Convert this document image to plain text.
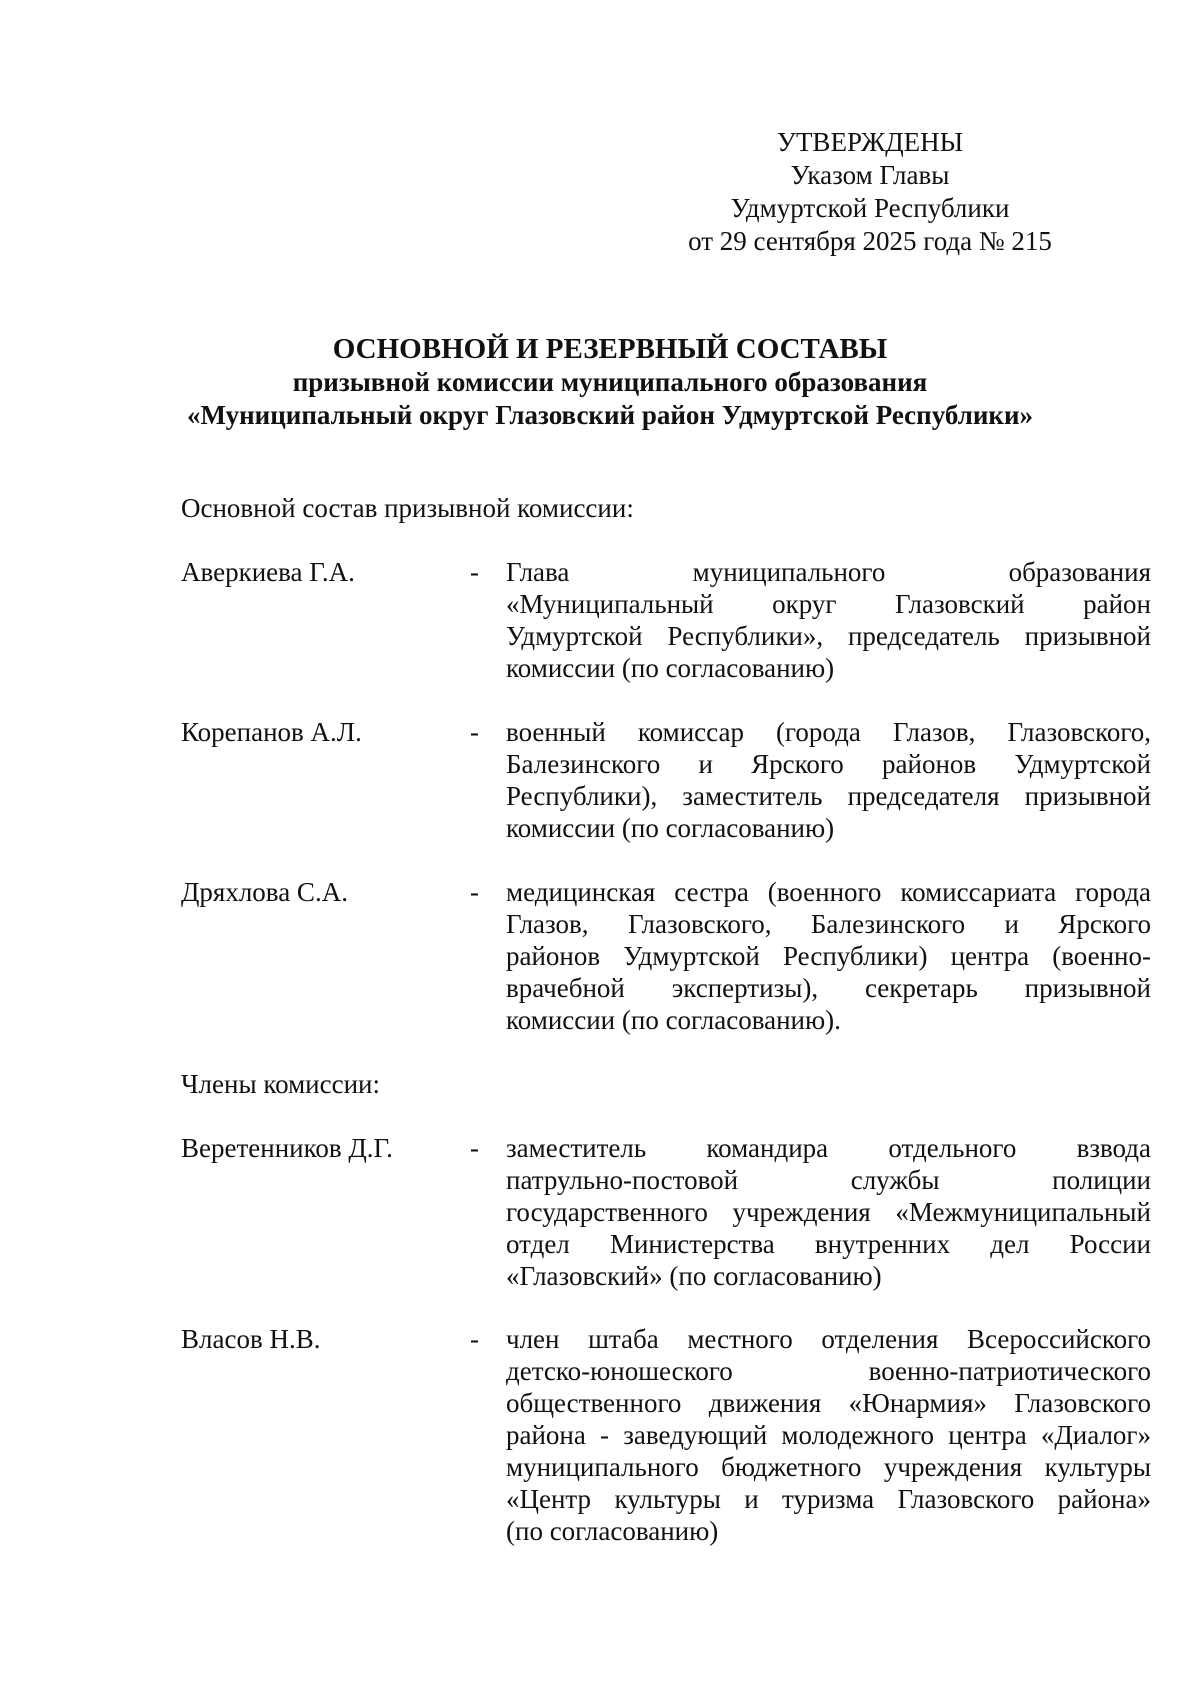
УТВЕРЖДЕНЫ
Указом Главы
Удмуртской Республики
от 29 сентября 2025 года № 215
ОСНОВНОЙ И РЕЗЕРВНЫЙ СОСТАВЫ
призывной комиссии муниципального образования
«Муниципальный округ Глазовский район Удмуртской Республики»
Основной состав призывной комиссии:
Аверкиева Г.А.	- Глава муниципального образования
«Муниципальный округ Глазовский район
Удмуртской Республики», председатель призывной
комиссии (по согласованию)
Корепанов А.Л.	- военный комиссар (города Глазов, Глазовского,
Балезинского и Ярского районов Удмуртской
Республики), заместитель председателя призывной
комиссии (по согласованию)
Дряхлова С.А.	- медицинская сестра (военного комиссариата города
Глазов, Глазовского, Балезинского и Ярского
районов Удмуртской Республики) центра (военно-
врачебной экспертизы), секретарь призывной
комиссии (по согласованию).
Члены комиссии:
Веретенников Д.Г.	- заместитель командира отдельного взвода
патрульно-постовой службы полиции
государственного учреждения «Межмуниципальный
отдел Министерства внутренних дел России
«Глазовский» (по согласованию)
Власов Н.В.	- член штаба местного отделения Всероссийского
детско-юношеского военно-патриотического
общественного движения «Юнармия» Глазовского
района - заведующий молодежного центра «Диалог»
муниципального бюджетного учреждения культуры
«Центр культуры и туризма Глазовского района»
(по согласованию)
